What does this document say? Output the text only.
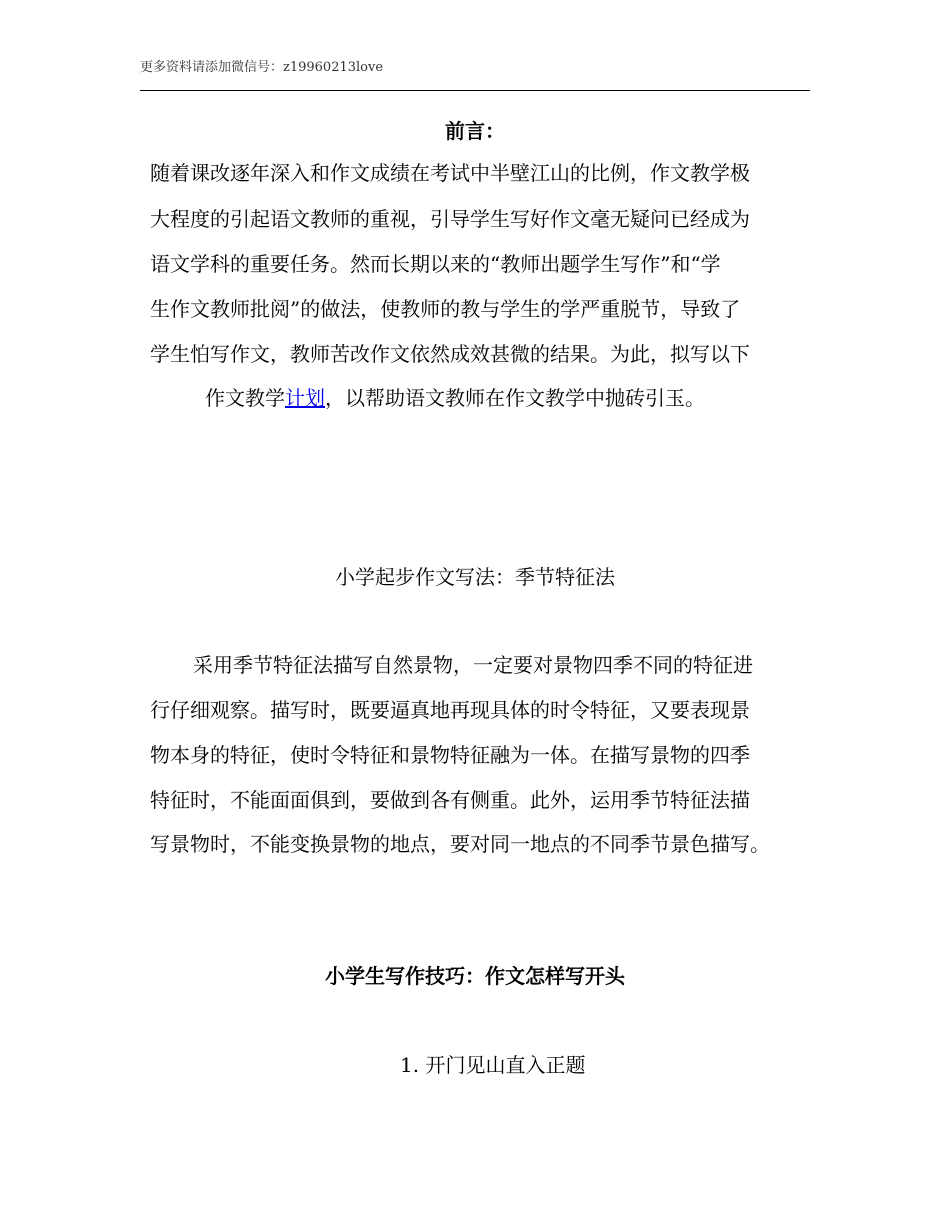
更多资料请添加微信号：z19960213love
前言：
随着课改逐年深入和作文成绩在考试中半壁江山的比例，作文教学极
大程度的引起语文教师的重视，引导学生写好作文毫无疑问已经成为
语文学科的重要任务。然而长期以来的“教师出题学生写作”和“学
生作文教师批阅”的做法，使教师的教与学生的学严重脱节，导致了
学生怕写作文，教师苦改作文依然成效甚微的结果。为此，拟写以下
作文教学计划，以帮助语文教师在作文教学中抛砖引玉。
小学起步作文写法：季节特征法
采用季节特征法描写自然景物，一定要对景物四季不同的特征进
行仔细观察。描写时，既要逼真地再现具体的时令特征，又要表现景
物本身的特征，使时令特征和景物特征融为一体。在描写景物的四季
特征时，不能面面俱到，要做到各有侧重。此外，运用季节特征法描
写景物时，不能变换景物的地点，要对同一地点的不同季节景色描写。
小学生写作技巧：作文怎样写开头
1. 开门见山直入正题
